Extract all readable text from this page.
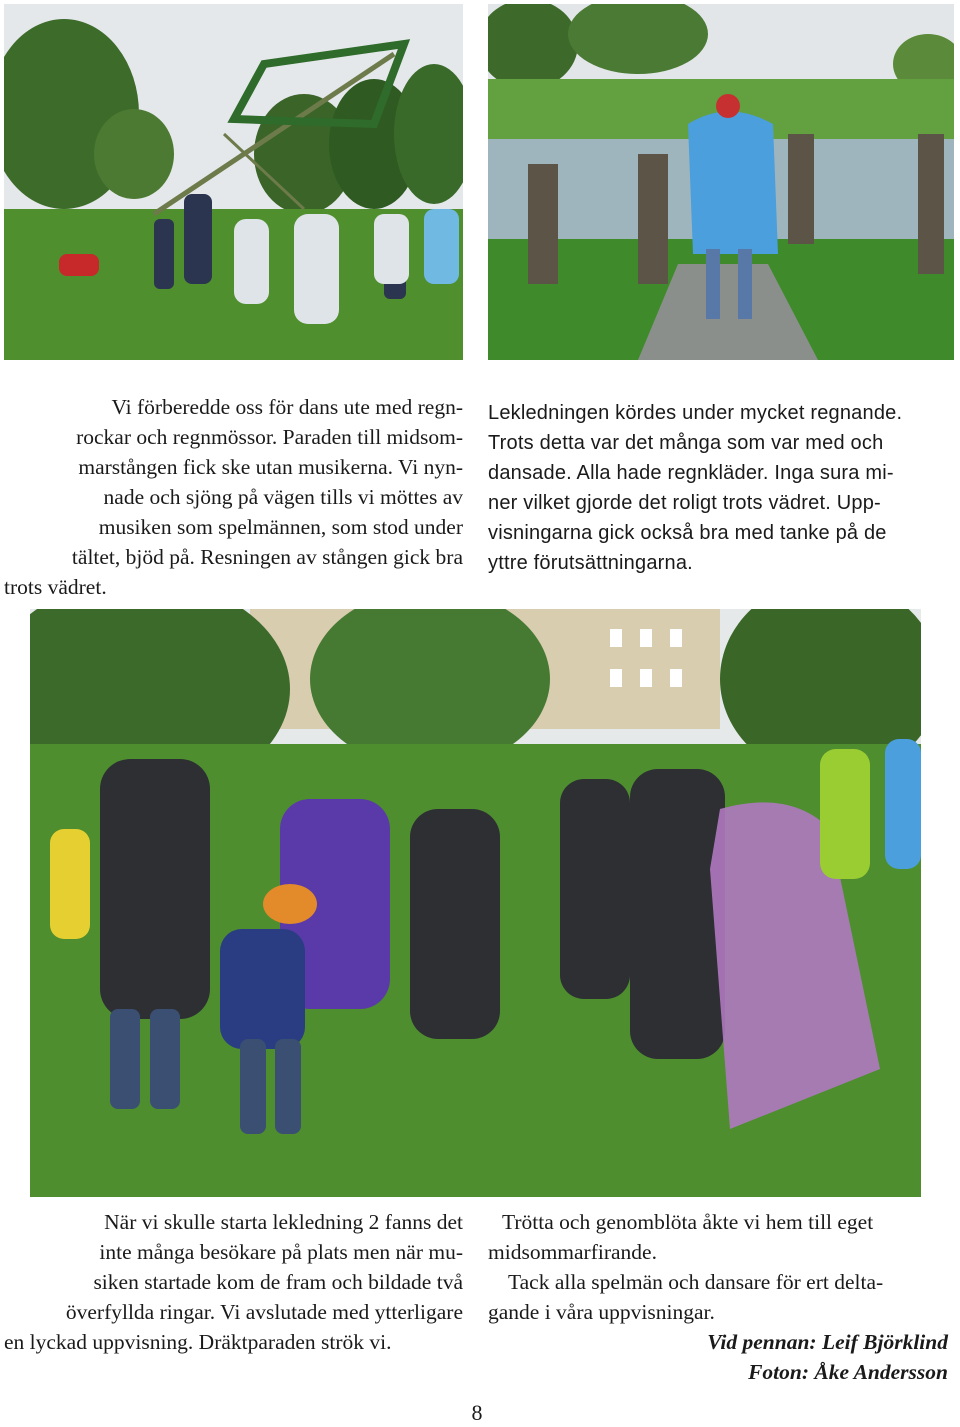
Vi förberedde oss för dans ute med regn-

rockar och regnmössor. Paraden till midsom-

marstången fick ske utan musikerna. Vi nyn-

nade och sjöng på vägen tills vi möttes av

musiken som spelmännen, som stod under

tältet, bjöd på. Resningen av stången gick bra

trots vädret.

Lekledningen kördes under mycket regnande.

Trots detta var det många som var med och

dansade. Alla hade regnkläder. Inga sura mi-

ner vilket gjorde det roligt trots vädret. Upp-

visningarna gick också bra med tanke på de

yttre förutsättningarna.

När vi skulle starta lekledning 2 fanns det

inte många besökare på plats men när mu-

siken startade kom de fram och bildade två

överfyllda ringar. Vi avslutade med ytterligare

en lyckad uppvisning. Dräktparaden strök vi.

Trötta och genomblöta åkte vi hem till eget

midsommarfirande.

Tack alla spelmän och dansare för ert delta-

gande i våra uppvisningar.

Vid pennan: Leif Björklind

Foton: Åke Andersson

8
